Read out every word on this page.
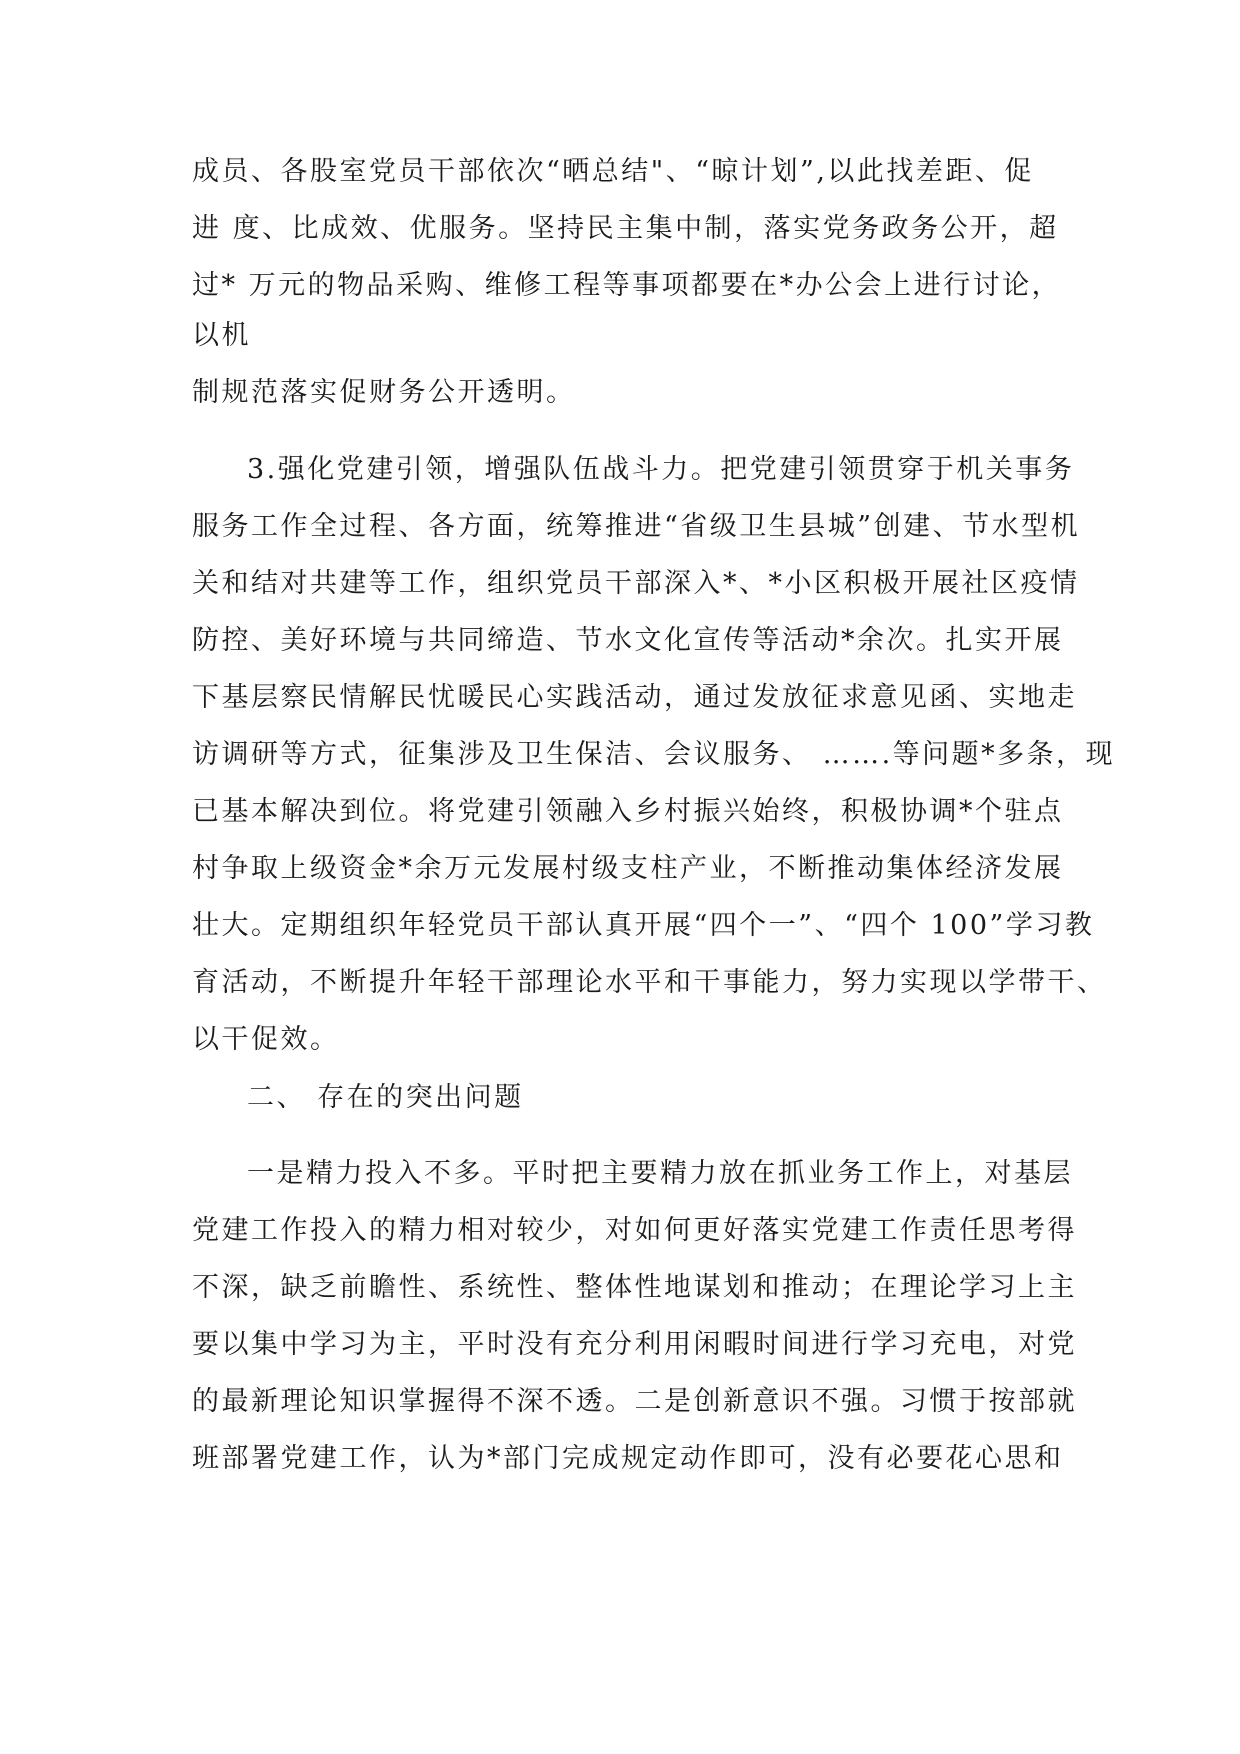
成员、各股室党员干部依次“晒总结"、“晾计划”,以此找差距、促
进 度、比成效、优服务。坚持民主集中制，落实党务政务公开，超
过* 万元的物品采购、维修工程等事项都要在*办公会上进行讨论，
以机
制规范落实促财务公开透明。
3.强化党建引领，增强队伍战斗力。把党建引领贯穿于机关事务
服务工作全过程、各方面，统筹推进“省级卫生县城”创建、节水型机
关和结对共建等工作，组织党员干部深入*、*小区积极开展社区疫情
防控、美好环境与共同缔造、节水文化宣传等活动*余次。扎实开展
下基层察民情解民忧暖民心实践活动，通过发放征求意见函、实地走
访调研等方式，征集涉及卫生保洁、会议服务、 …….等问题*多条，现
已基本解决到位。将党建引领融入乡村振兴始终，积极协调*个驻点
村争取上级资金*余万元发展村级支柱产业，不断推动集体经济发展
壮大。定期组织年轻党员干部认真开展“四个一”、“四个 100”学习教
育活动，不断提升年轻干部理论水平和干事能力，努力实现以学带干、
以干促效。
二、 存在的突出问题
一是精力投入不多。平时把主要精力放在抓业务工作上，对基层
党建工作投入的精力相对较少，对如何更好落实党建工作责任思考得
不深，缺乏前瞻性、系统性、整体性地谋划和推动；在理论学习上主
要以集中学习为主，平时没有充分利用闲暇时间进行学习充电，对党
的最新理论知识掌握得不深不透。二是创新意识不强。习惯于按部就
班部署党建工作，认为*部门完成规定动作即可，没有必要花心思和
